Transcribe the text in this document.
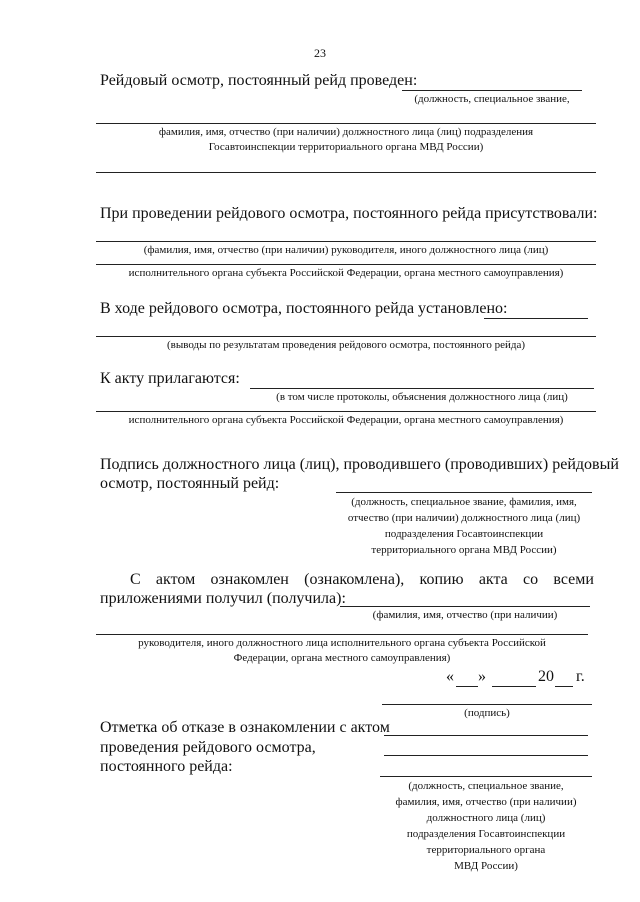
23
Рейдовый осмотр, постоянный рейд проведен:
(должность, специальное звание,
фамилия, имя, отчество (при наличии) должностного лица (лиц) подразделения
Госавтоинспекции территориального органа МВД России)
При проведении рейдового осмотра, постоянного рейда присутствовали:
(фамилия, имя, отчество (при наличии) руководителя, иного должностного лица (лиц)
исполнительного органа субъекта Российской Федерации, органа местного самоуправления)
В ходе рейдового осмотра, постоянного рейда установлено:
(выводы по результатам проведения рейдового осмотра, постоянного рейда)
К акту прилагаются:
(в том числе протоколы, объяснения должностного лица (лиц)
исполнительного органа субъекта Российской Федерации, органа местного самоуправления)
Подпись должностного лица (лиц), проводившего (проводивших) рейдовый
осмотр, постоянный рейд:
(должность, специальное звание, фамилия, имя,
отчество (при наличии) должностного лица (лиц)
подразделения Госавтоинспекции
территориального органа МВД России)
С актом ознакомлен (ознакомлена), копию акта со всеми
приложениями получил (получила):
(фамилия, имя, отчество (при наличии)
руководителя, иного должностного лица исполнительного органа субъекта Российской
Федерации, органа местного самоуправления)
« »	20 г.
(подпись)
Отметка об отказе в ознакомлении с актом
проведения рейдового осмотра,
постоянного рейда:
(должность, специальное звание,
фамилия, имя, отчество (при наличии)
должностного лица (лиц)
подразделения Госавтоинспекции
территориального органа
МВД России)
